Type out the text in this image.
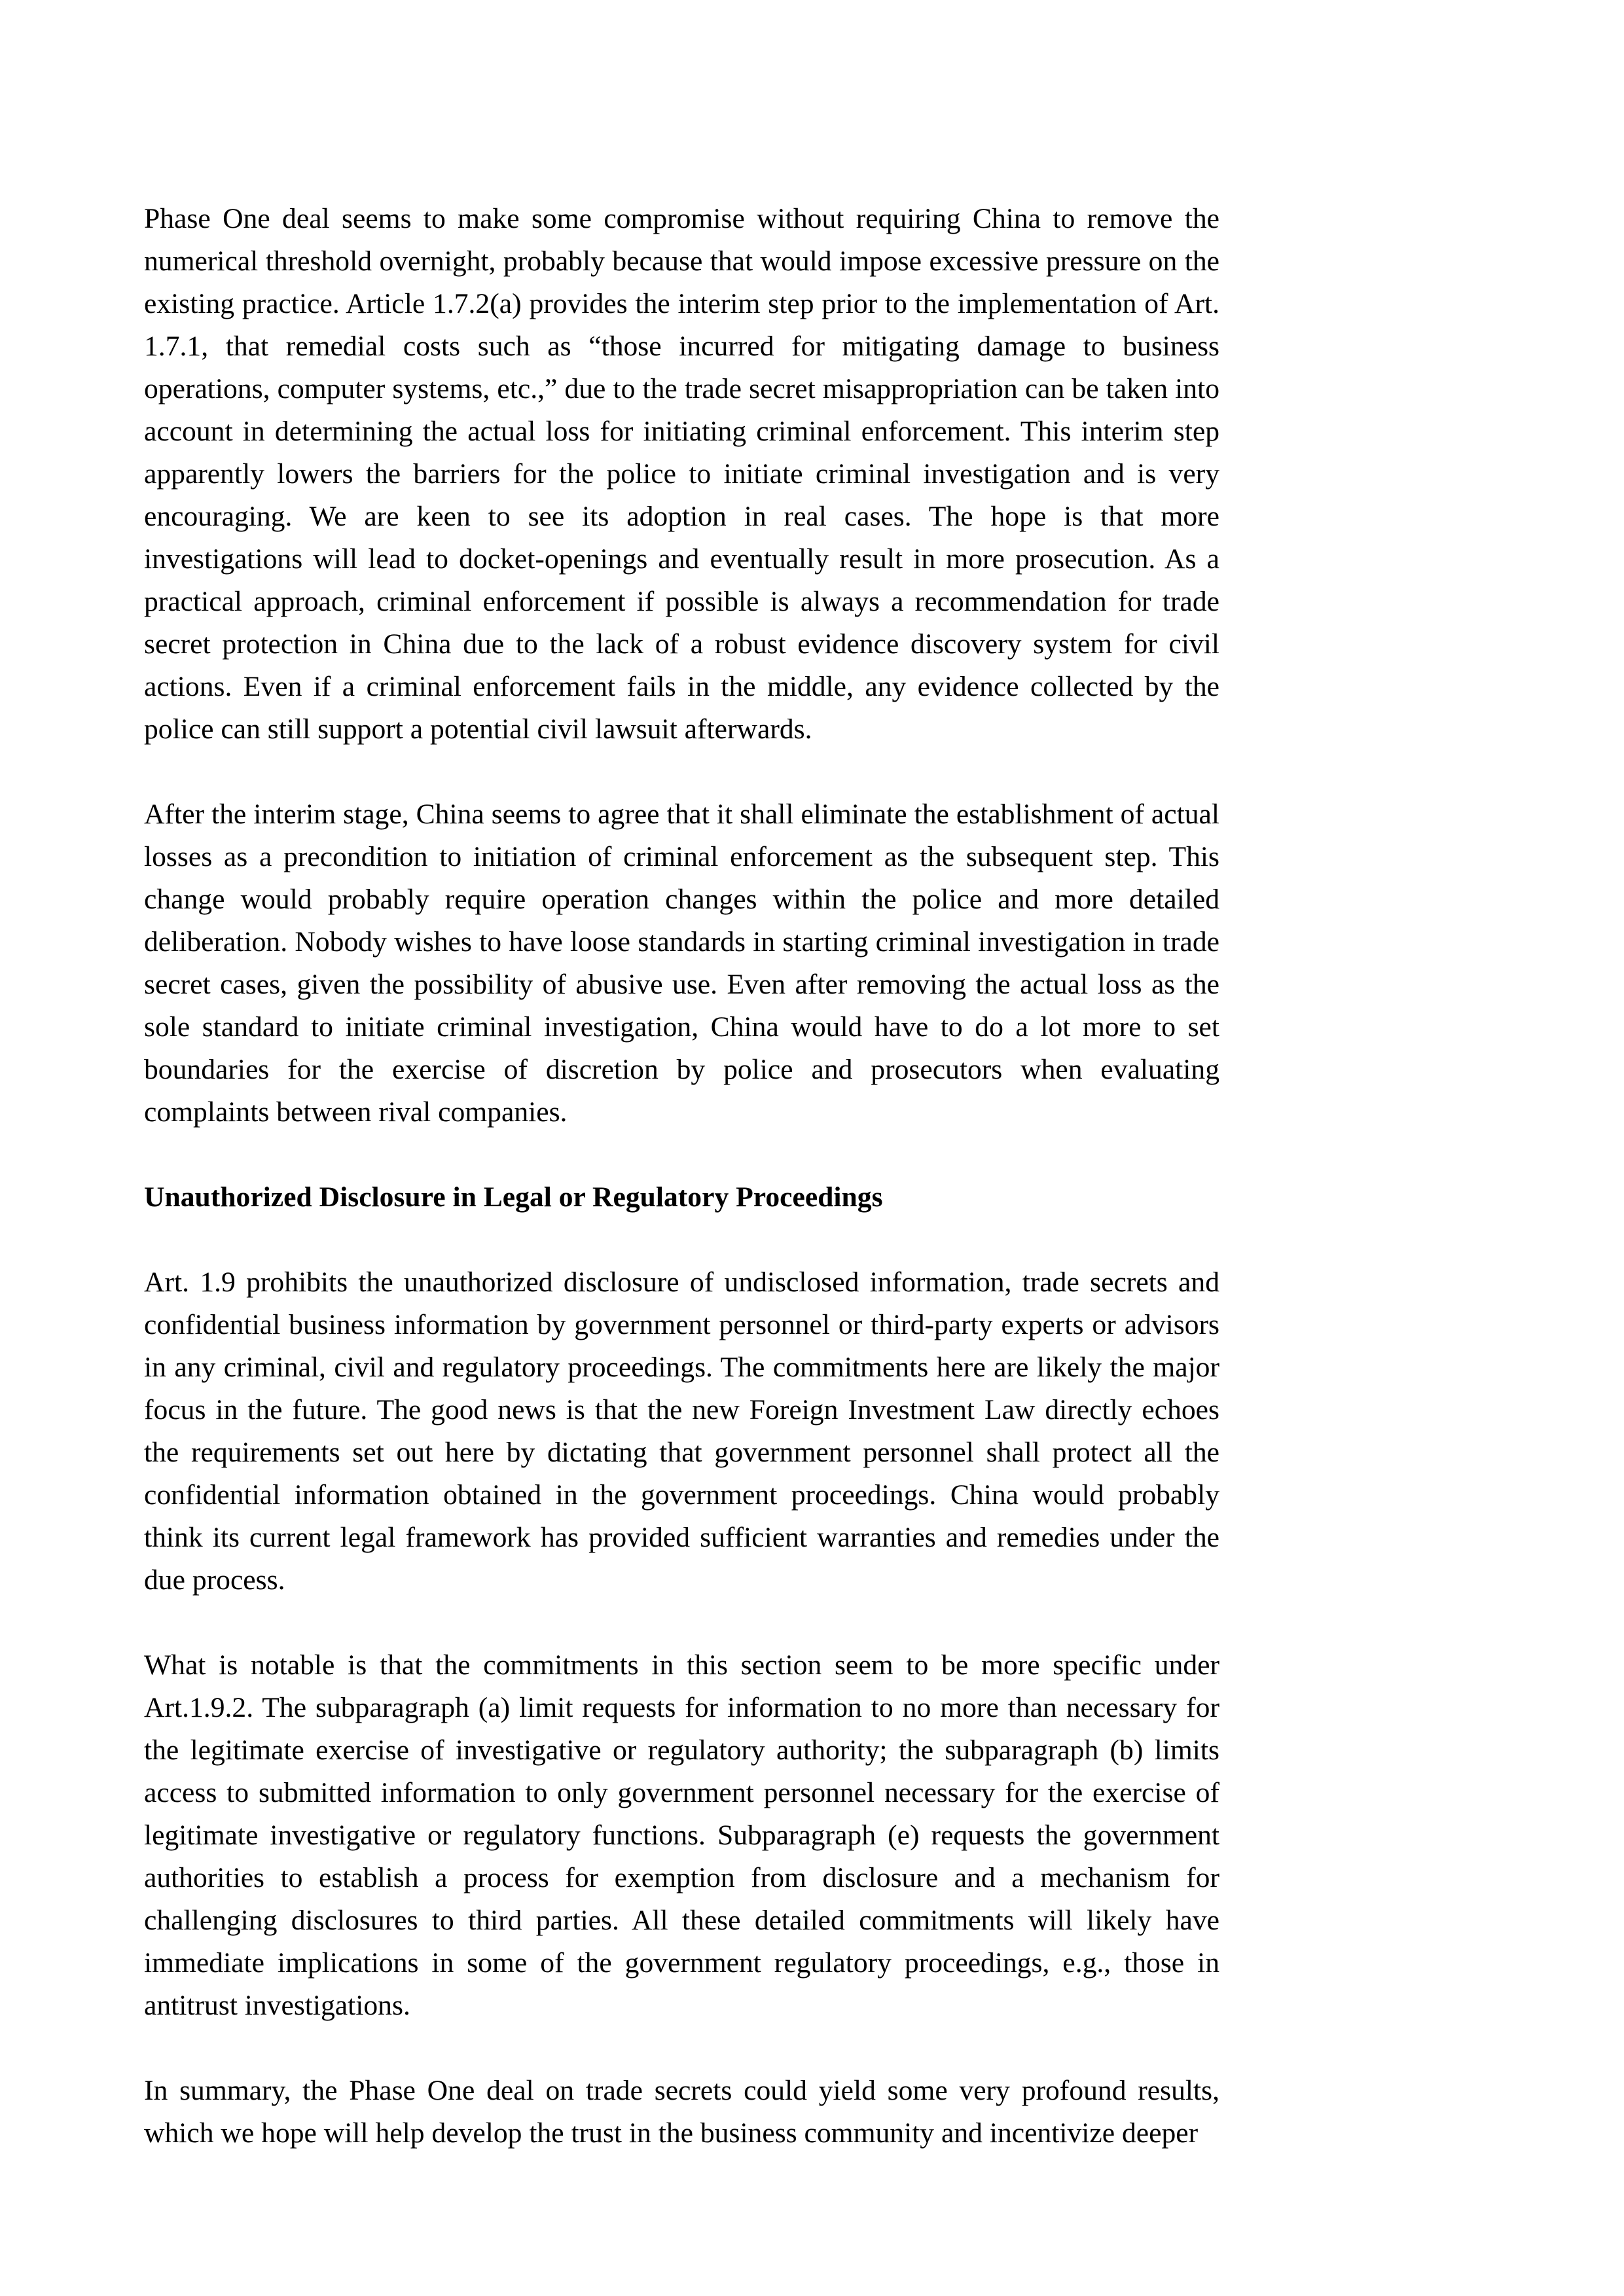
Phase One deal seems to make some compromise without requiring China to remove the numerical threshold overnight, probably because that would impose excessive pressure on the existing practice. Article 1.7.2(a) provides the interim step prior to the implementation of Art. 1.7.1, that remedial costs such as “those incurred for mitigating damage to business operations, computer systems, etc.,” due to the trade secret misappropriation can be taken into account in determining the actual loss for initiating criminal enforcement. This interim step apparently lowers the barriers for the police to initiate criminal investigation and is very encouraging. We are keen to see its adoption in real cases. The hope is that more investigations will lead to docket-openings and eventually result in more prosecution. As a practical approach, criminal enforcement if possible is always a recommendation for trade secret protection in China due to the lack of a robust evidence discovery system for civil actions. Even if a criminal enforcement fails in the middle, any evidence collected by the police can still support a potential civil lawsuit afterwards.

After the interim stage, China seems to agree that it shall eliminate the establishment of actual losses as a precondition to initiation of criminal enforcement as the subsequent step. This change would probably require operation changes within the police and more detailed deliberation. Nobody wishes to have loose standards in starting criminal investigation in trade secret cases, given the possibility of abusive use. Even after removing the actual loss as the sole standard to initiate criminal investigation, China would have to do a lot more to set boundaries for the exercise of discretion by police and prosecutors when evaluating complaints between rival companies.

Unauthorized Disclosure in Legal or Regulatory Proceedings

Art. 1.9 prohibits the unauthorized disclosure of undisclosed information, trade secrets and confidential business information by government personnel or third-party experts or advisors in any criminal, civil and regulatory proceedings. The commitments here are likely the major focus in the future. The good news is that the new Foreign Investment Law directly echoes the requirements set out here by dictating that government personnel shall protect all the confidential information obtained in the government proceedings. China would probably think its current legal framework has provided sufficient warranties and remedies under the due process.

What is notable is that the commitments in this section seem to be more specific under Art.1.9.2. The subparagraph (a) limit requests for information to no more than necessary for the legitimate exercise of investigative or regulatory authority; the subparagraph (b) limits access to submitted information to only government personnel necessary for the exercise of legitimate investigative or regulatory functions. Subparagraph (e) requests the government authorities to establish a process for exemption from disclosure and a mechanism for challenging disclosures to third parties. All these detailed commitments will likely have immediate implications in some of the government regulatory proceedings, e.g., those in antitrust investigations.

In summary, the Phase One deal on trade secrets could yield some very profound results, which we hope will help develop the trust in the business community and incentivize deeper
